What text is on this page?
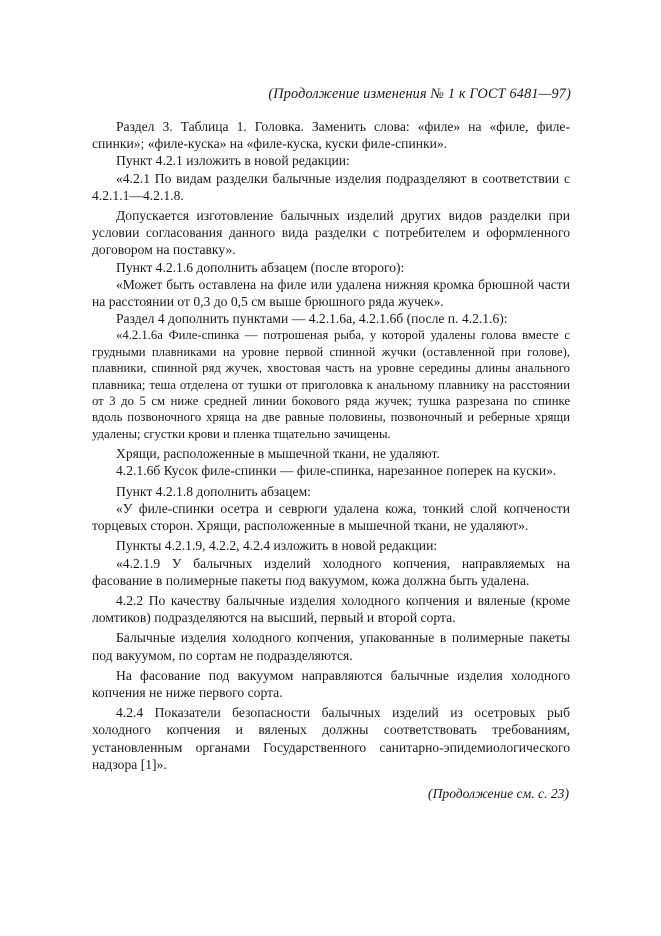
(Продолжение изменения № 1 к ГОСТ 6481—97)

Раздел 3. Таблица 1. Головка. Заменить слова: «филе» на «филе, филе-спинки»; «филе-куска» на «филе-куска, куски филе-спинки».

Пункт 4.2.1 изложить в новой редакции:

«4.2.1 По видам разделки балычные изделия подразделяют в соответствии с 4.2.1.1—4.2.1.8.

Допускается изготовление балычных изделий других видов разделки при условии согласования данного вида разделки с потребителем и оформленного договором на поставку».

Пункт 4.2.1.6 дополнить абзацем (после второго):

«Может быть оставлена на филе или удалена нижняя кромка брюшной части на расстоянии от 0,3 до 0,5 см выше брюшного ряда жучек».

Раздел 4 дополнить пунктами — 4.2.1.6а, 4.2.1.6б (после п. 4.2.1.6):

«4.2.1.6а Филе-спинка — потрошеная рыба, у которой удалены голова вместе с грудными плавниками на уровне первой спинной жучки (оставленной при голове), плавники, спинной ряд жучек, хвостовая часть на уровне середины длины анального плавника; теша отделена от тушки от приголовка к анальному плавнику на расстоянии от 3 до 5 см ниже средней линии бокового ряда жучек; тушка разрезана по спинке вдоль позвоночного хряща на две равные половины, позвоночный и реберные хрящи удалены; сгустки крови и пленка тщательно зачищены.

Хрящи, расположенные в мышечной ткани, не удаляют.

4.2.1.6б Кусок филе-спинки — филе-спинка, нарезанное поперек на куски».

Пункт 4.2.1.8 дополнить абзацем:

«У филе-спинки осетра и севрюги удалена кожа, тонкий слой копчености торцевых сторон. Хрящи, расположенные в мышечной ткани, не удаляют».

Пункты 4.2.1.9, 4.2.2, 4.2.4 изложить в новой редакции:

«4.2.1.9 У балычных изделий холодного копчения, направляемых на фасование в полимерные пакеты под вакуумом, кожа должна быть удалена.

4.2.2 По качеству балычные изделия холодного копчения и вяленые (кроме ломтиков) подразделяются на высший, первый и второй сорта.

Балычные изделия холодного копчения, упакованные в полимерные пакеты под вакуумом, по сортам не подразделяются.

На фасование под вакуумом направляются балычные изделия холодного копчения не ниже первого сорта.

4.2.4 Показатели безопасности балычных изделий из осетровых рыб холодного копчения и вяленых должны соответствовать требованиям, установленным органами Государственного санитарно-эпидемиологического надзора [1]».

(Продолжение см. с. 23)
